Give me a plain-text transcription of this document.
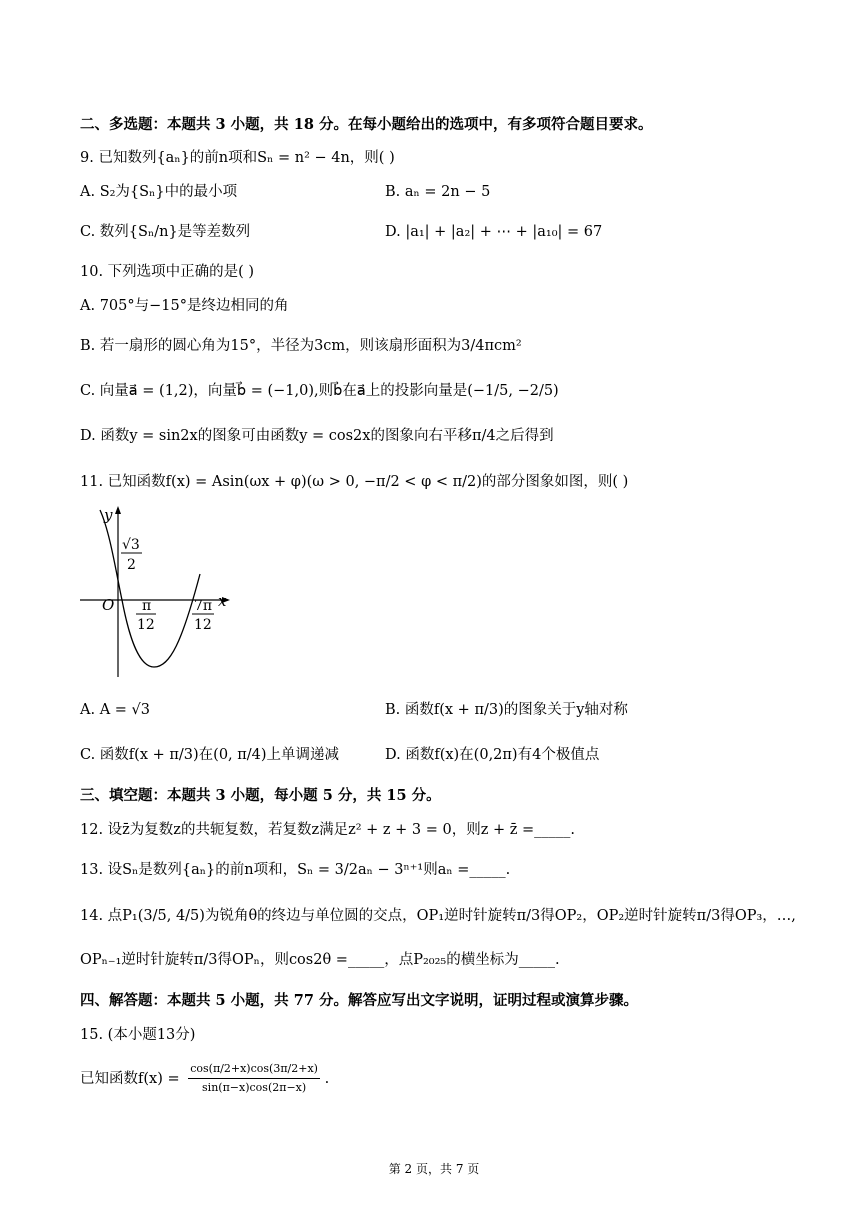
二、多选题：本题共 3 小题，共 18 分。在每小题给出的选项中，有多项符合题目要求。
9. 已知数列{aₙ}的前n项和Sₙ = n² − 4n，则( )
A. S₂为{Sₙ}中的最小项	B. aₙ = 2n − 5
C. 数列{Sₙ/n}是等差数列	D. |a₁| + |a₂| + ⋯ + |a₁₀| = 67
10. 下列选项中正确的是( )
A. 705°与−15°是终边相同的角
B. 若一扇形的圆心角为15°，半径为3cm，则该扇形面积为3/4πcm²
C. 向量a⃗ = (1,2)，向量b⃗ = (−1,0),则b⃗在a⃗上的投影向量是(−1/5, −2/5)
D. 函数y = sin2x的图象可由函数y = cos2x的图象向右平移π/4之后得到
11. 已知函数f(x) = Asin(ωx + φ)(ω > 0, −π/2 < φ < π/2)的部分图象如图，则( )
y
x
O
√3
2
π
12
7π
12
A. A = √3	B. 函数f(x + π/3)的图象关于y轴对称
C. 函数f(x + π/3)在(0, π/4)上单调递减	D. 函数f(x)在(0,2π)有4个极值点
三、填空题：本题共 3 小题，每小题 5 分，共 15 分。
12. 设z̄为复数z的共轭复数，若复数z满足z² + z + 3 = 0，则z + z̄ =_____.
13. 设Sₙ是数列{aₙ}的前n项和，Sₙ = 3/2aₙ − 3ⁿ⁺¹则aₙ =_____.
14. 点P₁(3/5, 4/5)为锐角θ的终边与单位圆的交点，OP₁逆时针旋转π/3得OP₂，OP₂逆时针旋转π/3得OP₃，…,
OPₙ₋₁逆时针旋转π/3得OPₙ，则cos2θ =_____，点P₂₀₂₅的横坐标为_____.
四、解答题：本题共 5 小题，共 77 分。解答应写出文字说明，证明过程或演算步骤。
15. (本小题13分)
已知函数$f(x) = \frac{\cos(\pi/2+x)\cos(3\pi/2+x)}{\sin(\pi-x)\cos(2\pi-x)}$ .
第 2 页，共 7 页
